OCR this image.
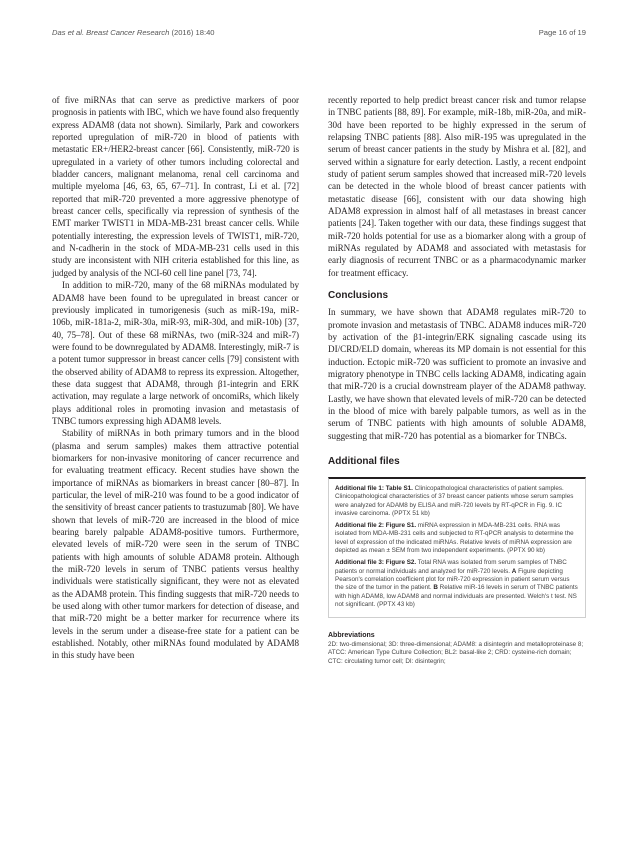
Das et al. Breast Cancer Research (2016) 18:40	Page 16 of 19

of five miRNAs that can serve as predictive markers of poor prognosis in patients with IBC, which we have found also frequently express ADAM8 (data not shown). Similarly, Park and coworkers reported upregulation of miR-720 in blood of patients with metastatic ER+/HER2-breast cancer [66]. Consistently, miR-720 is upregulated in a variety of other tumors including colorectal and bladder cancers, malignant melanoma, renal cell carcinoma and multiple myeloma [46, 63, 65, 67–71]. In contrast, Li et al. [72] reported that miR-720 prevented a more aggressive phenotype of breast cancer cells, specifically via repression of synthesis of the EMT marker TWIST1 in MDA-MB-231 breast cancer cells. While potentially interesting, the expression levels of TWIST1, miR-720, and N-cadherin in the stock of MDA-MB-231 cells used in this study are inconsistent with NIH criteria established for this line, as judged by analysis of the NCI-60 cell line panel [73, 74].

In addition to miR-720, many of the 68 miRNAs modulated by ADAM8 have been found to be upregulated in breast cancer or previously implicated in tumorigenesis (such as miR-19a, miR-106b, miR-181a-2, miR-30a, miR-93, miR-30d, and miR-10b) [37, 40, 75–78]. Out of these 68 miRNAs, two (miR-324 and miR-7) were found to be downregulated by ADAM8. Interestingly, miR-7 is a potent tumor suppressor in breast cancer cells [79] consistent with the observed ability of ADAM8 to repress its expression. Altogether, these data suggest that ADAM8, through β1-integrin and ERK activation, may regulate a large network of oncomiRs, which likely plays additional roles in promoting invasion and metastasis of TNBC tumors expressing high ADAM8 levels.

Stability of miRNAs in both primary tumors and in the blood (plasma and serum samples) makes them attractive potential biomarkers for non-invasive monitoring of cancer recurrence and for evaluating treatment efficacy. Recent studies have shown the importance of miRNAs as biomarkers in breast cancer [80–87]. In particular, the level of miR-210 was found to be a good indicator of the sensitivity of breast cancer patients to trastuzumab [80]. We have shown that levels of miR-720 are increased in the blood of mice bearing barely palpable ADAM8-positive tumors. Furthermore, elevated levels of miR-720 were seen in the serum of TNBC patients with high amounts of soluble ADAM8 protein. Although the miR-720 levels in serum of TNBC patients versus healthy individuals were statistically significant, they were not as elevated as the ADAM8 protein. This finding suggests that miR-720 needs to be used along with other tumor markers for detection of disease, and that miR-720 might be a better marker for recurrence where its levels in the serum under a disease-free state for a patient can be established. Notably, other miRNAs found modulated by ADAM8 in this study have been

recently reported to help predict breast cancer risk and tumor relapse in TNBC patients [88, 89]. For example, miR-18b, miR-20a, and miR-30d have been reported to be highly expressed in the serum of relapsing TNBC patients [88]. Also miR-195 was upregulated in the serum of breast cancer patients in the study by Mishra et al. [82], and served within a signature for early detection. Lastly, a recent endpoint study of patient serum samples showed that increased miR-720 levels can be detected in the whole blood of breast cancer patients with metastatic disease [66], consistent with our data showing high ADAM8 expression in almost half of all metastases in breast cancer patients [24]. Taken together with our data, these findings suggest that miR-720 holds potential for use as a biomarker along with a group of miRNAs regulated by ADAM8 and associated with metastasis for early diagnosis of recurrent TNBC or as a pharmacodynamic marker for treatment efficacy.

Conclusions

In summary, we have shown that ADAM8 regulates miR-720 to promote invasion and metastasis of TNBC. ADAM8 induces miR-720 by activation of the β1-integrin/ERK signaling cascade using its DI/CRD/ELD domain, whereas its MP domain is not essential for this induction. Ectopic miR-720 was sufficient to promote an invasive and migratory phenotype in TNBC cells lacking ADAM8, indicating again that miR-720 is a crucial downstream player of the ADAM8 pathway. Lastly, we have shown that elevated levels of miR-720 can be detected in the blood of mice with barely palpable tumors, as well as in the serum of TNBC patients with high amounts of soluble ADAM8, suggesting that miR-720 has potential as a biomarker for TNBCs.

Additional files

Additional file 1: Table S1. Clinicopathological characteristics of patient samples. Clinicopathological characteristics of 37 breast cancer patients whose serum samples were analyzed for ADAM8 by ELISA and miR-720 levels by RT-qPCR in Fig. 9. IC invasive carcinoma. (PPTX 51 kb)

Additional file 2: Figure S1. miRNA expression in MDA-MB-231 cells. RNA was isolated from MDA-MB-231 cells and subjected to RT-qPCR analysis to determine the level of expression of the indicated miRNAs. Relative levels of miRNA expression are depicted as mean ± SEM from two independent experiments. (PPTX 90 kb)

Additional file 3: Figure S2. Total RNA was isolated from serum samples of TNBC patients or normal individuals and analyzed for miR-720 levels. A Figure depicting Pearson's correlation coefficient plot for miR-720 expression in patient serum versus the size of the tumor in the patient. B Relative miR-16 levels in serum of TNBC patients with high ADAM8, low ADAM8 and normal individuals are presented. Welch's t test. NS not significant. (PPTX 43 kb)

Abbreviations
2D: two-dimensional; 3D: three-dimensional; ADAM8: a disintegrin and metalloproteinase 8; ATCC: American Type Culture Collection; BL2: basal-like 2; CRD: cysteine-rich domain; CTC: circulating tumor cell; DI: disintegrin;
